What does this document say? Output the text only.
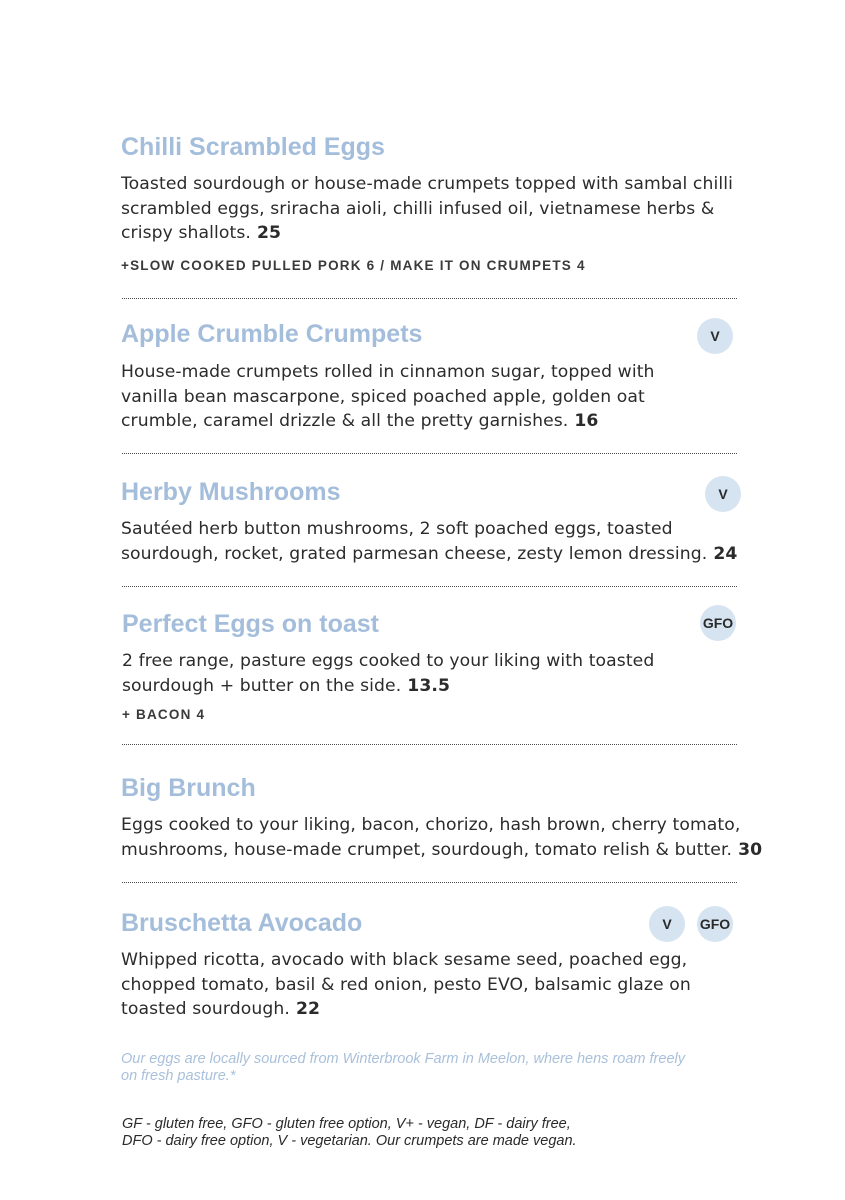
Chilli Scrambled Eggs
Toasted sourdough or house-made crumpets topped with sambal chilli
scrambled eggs, sriracha aioli, chilli infused oil, vietnamese herbs &
crispy shallots. 25
+SLOW COOKED PULLED PORK 6 / MAKE IT ON CRUMPETS 4
Apple Crumble Crumpets	V
House-made crumpets rolled in cinnamon sugar, topped with
vanilla bean mascarpone, spiced poached apple, golden oat
crumble, caramel drizzle & all the pretty garnishes. 16
Herby Mushrooms	V
Sautéed herb button mushrooms, 2 soft poached eggs, toasted
sourdough, rocket, grated parmesan cheese, zesty lemon dressing. 24
Perfect Eggs on toast	GFO
2 free range, pasture eggs cooked to your liking with toasted
sourdough + butter on the side. 13.5
+ BACON 4
Big Brunch
Eggs cooked to your liking, bacon, chorizo, hash brown, cherry tomato,
mushrooms, house-made crumpet, sourdough, tomato relish & butter. 30
Bruschetta Avocado	V	GFO
Whipped ricotta, avocado with black sesame seed, poached egg,
chopped tomato, basil & red onion, pesto EVO, balsamic glaze on
toasted sourdough. 22
Our eggs are locally sourced from Winterbrook Farm in Meelon, where hens roam freely
on fresh pasture.*
GF - gluten free, GFO - gluten free option, V+ - vegan, DF - dairy free,
DFO - dairy free option, V - vegetarian. Our crumpets are made vegan.
